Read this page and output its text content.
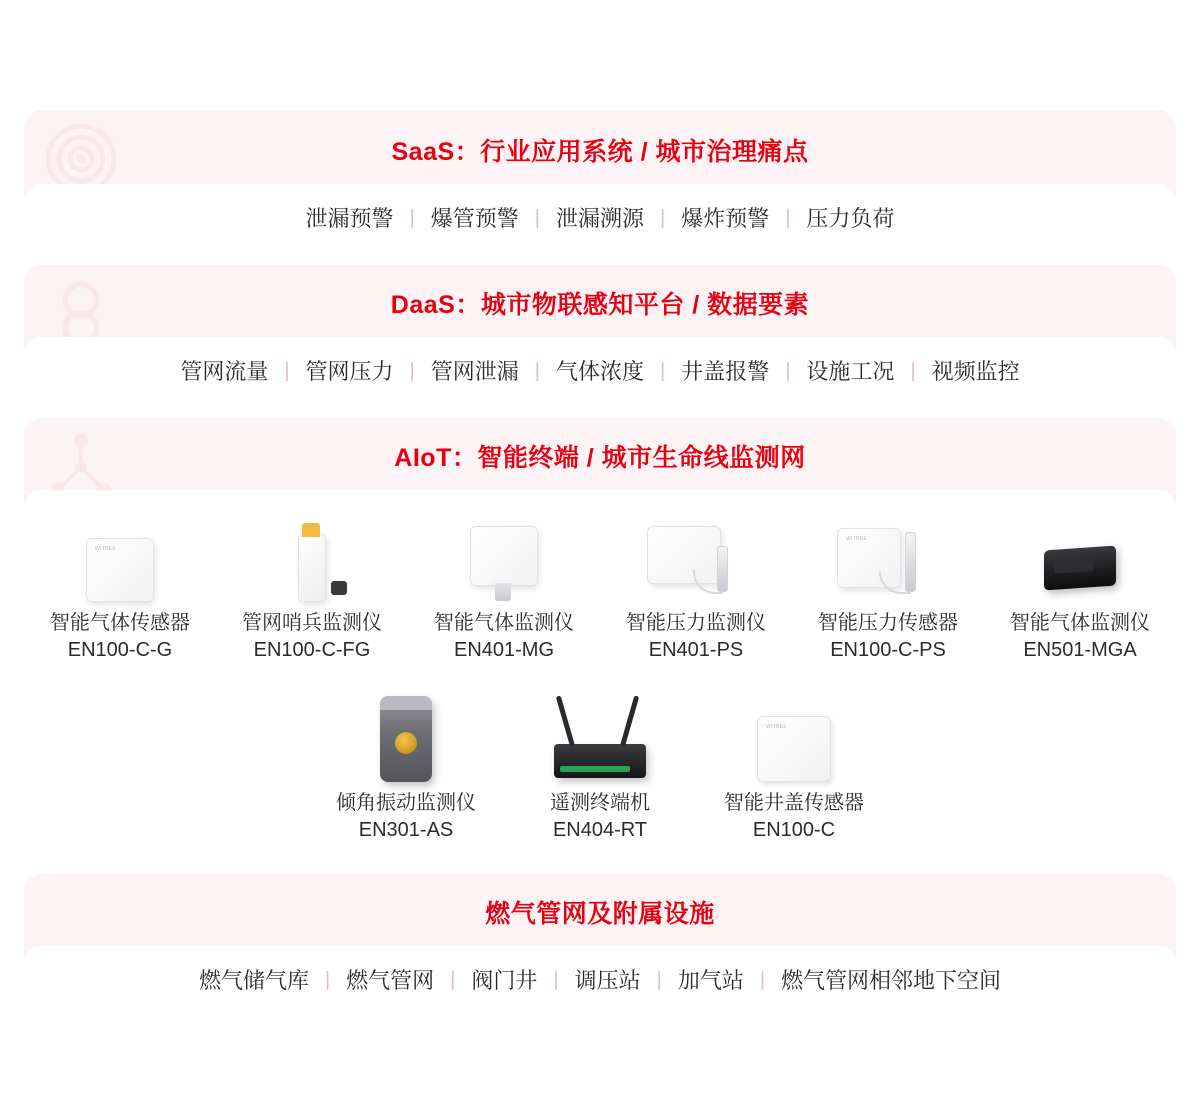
SaaS：行业应用系统 / 城市治理痛点
泄漏预警 | 爆管预警 | 泄漏溯源 | 爆炸预警 | 压力负荷
DaaS：城市物联感知平台 / 数据要素
管网流量 | 管网压力 | 管网泄漏 | 气体浓度 | 井盖报警 | 设施工况 | 视频监控
AIoT：智能终端 / 城市生命线监测网
WITBEE
智能气体传感器
EN100-C-G
管网哨兵监测仪
EN100-C-FG
智能气体监测仪
EN401-MG
智能压力监测仪
EN401-PS
WITBEE
智能压力传感器
EN100-C-PS
智能气体监测仪
EN501-MGA
倾角振动监测仪
EN301-AS
遥测终端机
EN404-RT
WITBEE
智能井盖传感器
EN100-C
燃气管网及附属设施
燃气储气库 | 燃气管网 | 阀门井 | 调压站 | 加气站 | 燃气管网相邻地下空间
